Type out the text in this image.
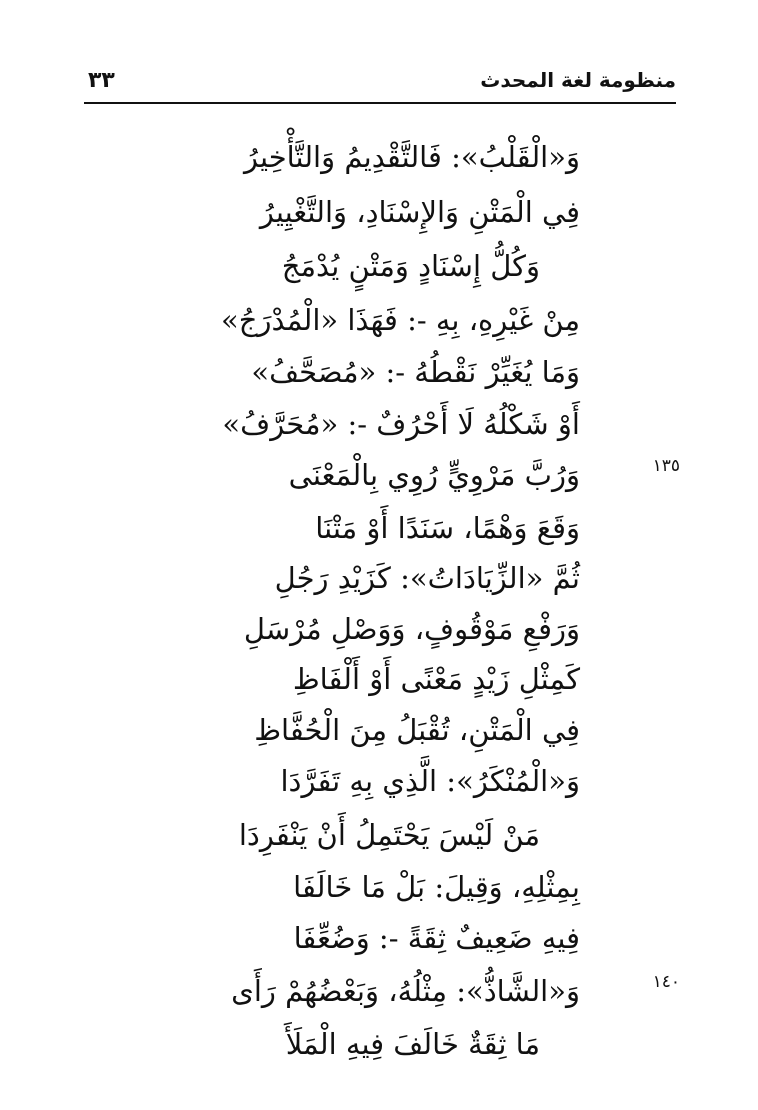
٣٣	منظومة لغة المحدث
وَ«الْقَلْبُ»: فَالتَّقْدِيمُ وَالتَّأْخِيرُ
فِي الْمَتْنِ وَالإِسْنَادِ، وَالتَّغْيِيرُ
وَكُلُّ إِسْنَادٍ وَمَتْنٍ يُدْمَجُ
مِنْ غَيْرِهِ، بِهِ -: فَهَذَا «الْمُدْرَجُ»
وَمَا يُغَيِّرْ نَقْطُهُ -: «مُصَحَّفُ»
أَوْ شَكْلُهُ لَا أَحْرُفٌ -: «مُحَرَّفُ»
وَرُبَّ مَرْوِيٍّ رُوِي بِالْمَعْنَى	١٣٥
وَقَعَ وَهْمًا، سَنَدًا أَوْ مَتْنَا
ثُمَّ «الزِّيَادَاتُ»: كَزَيْدِ رَجُلِ
وَرَفْعِ مَوْقُوفٍ، وَوَصْلِ مُرْسَلِ
كَمِثْلِ زَيْدٍ مَعْنًى أَوْ أَلْفَاظِ
فِي الْمَتْنِ، تُقْبَلُ مِنَ الْحُفَّاظِ
وَ«الْمُنْكَرُ»: الَّذِي بِهِ تَفَرَّدَا
مَنْ لَيْسَ يَحْتَمِلُ أَنْ يَنْفَرِدَا
بِمِثْلِهِ، وَقِيلَ: بَلْ مَا خَالَفَا
فِيهِ ضَعِيفٌ ثِقَةً -: وَضُعِّفَا
وَ«الشَّاذُّ»: مِثْلُهُ، وَبَعْضُهُمْ رَأَى	١٤٠
مَا ثِقَةٌ خَالَفَ فِيهِ الْمَلَأَ
